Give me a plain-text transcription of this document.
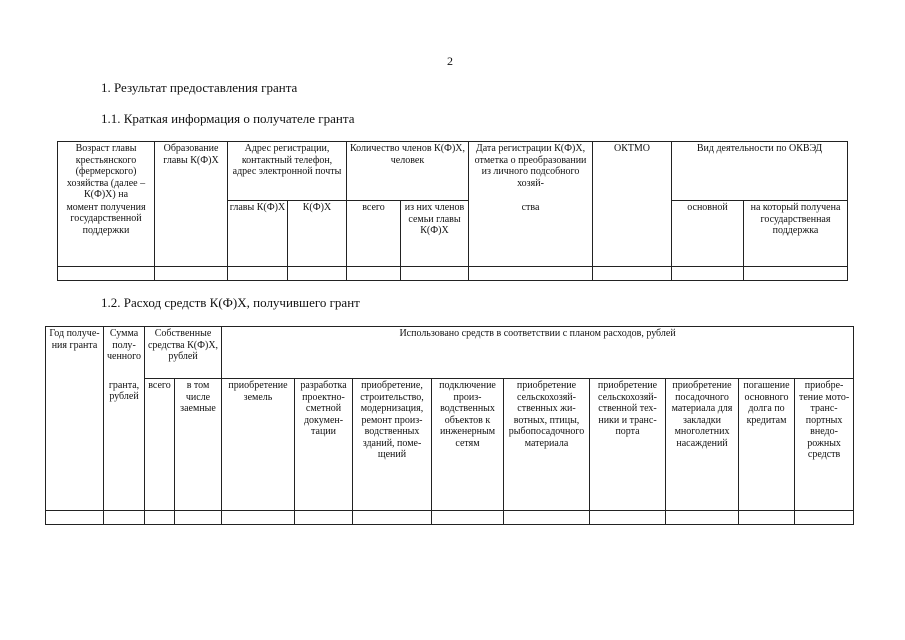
2
1. Результат предоставления гранта
1.1. Краткая информация о получателе гранта
Возраст главы крестьянского (фермерского) хозяйства (далее – К(Ф)Х) на	Образование главы К(Ф)Х	Адрес регистрации, контактный телефон, адрес электронной почты		Количество членов К(Ф)Х, человек		Дата регистрации К(Ф)Х, отметка о преобразовании из личного подсобного хозяй-	ОКТМО	Вид деятельности по ОКВЭД	
момент получения государственной поддержки		главы К(Ф)Х	К(Ф)Х	всего	из них членов семьи главы К(Ф)Х	ства		основной	на который получена государственная поддержка

1.2. Расход средств К(Ф)Х, получившего грант
Год получения гранта	Сумма полученного	Собственные средства К(Ф)Х, рублей		Использовано средств в соответствии с планом расходов, рублей								
	гранта, рублей	всего	в том числе заемные	приобретение земель	разработка проектно-сметной документации	приобретение, строительство, модернизация, ремонт производственных зданий, помещений	подключение производственных объектов к инженерным сетям	приобретение сельскохозяйственных животных, птицы, рыбопосадочного материала	приобретение сельскохозяйственной техники и транспорта	приобретение посадочного материала для закладки многолетних насаждений	погашение основного долга по кредитам	приобретение мототранспортных внедорожных средств
